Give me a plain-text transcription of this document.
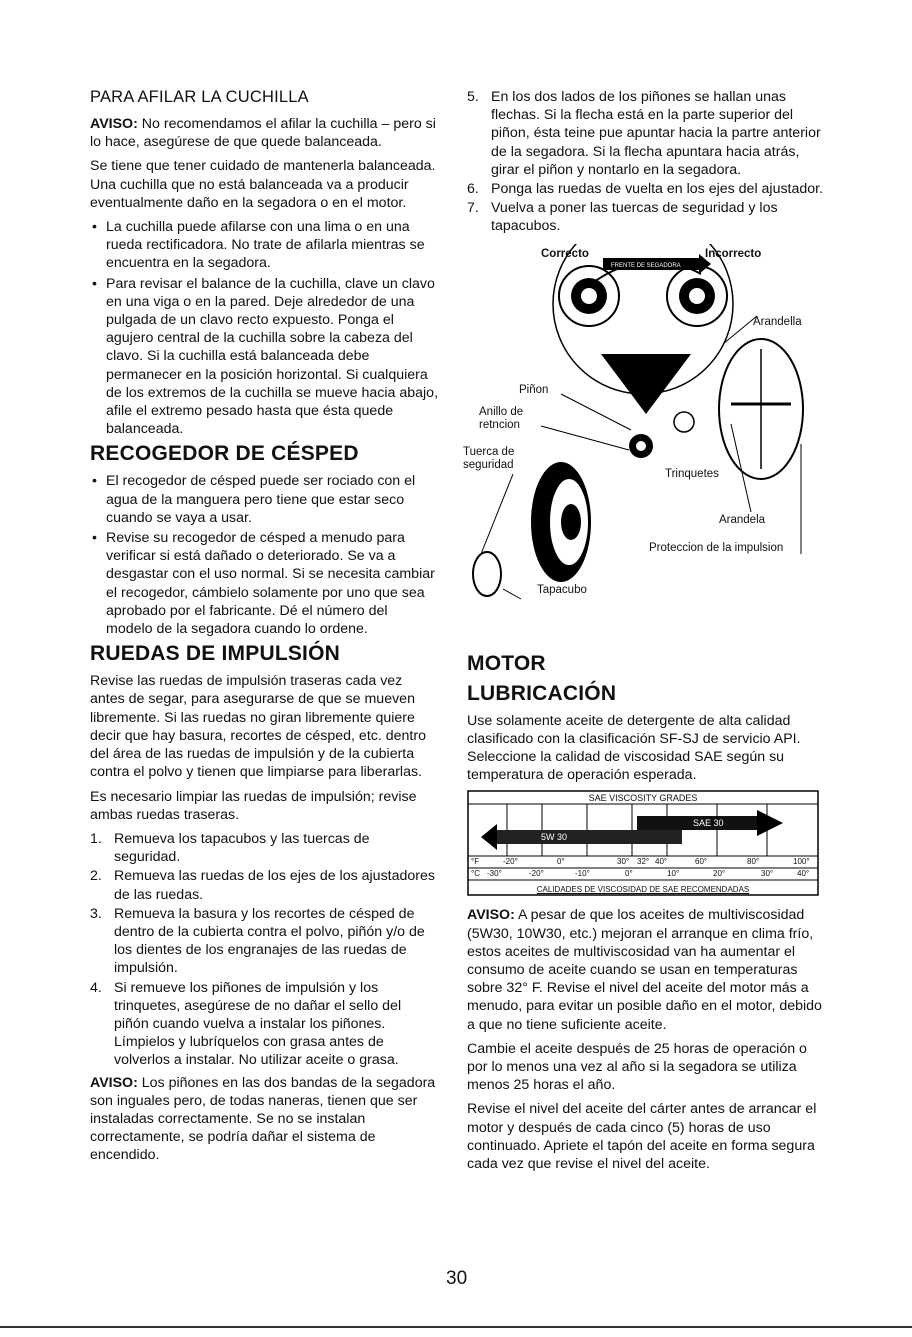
PARA AFILAR LA CUCHILLA

AVISO: No recomendamos el afilar la cuchilla – pero si lo hace, asegúrese de que quede balanceada.

Se tiene que tener cuidado de mantenerla balanceada. Una cuchilla que no está balanceada va a producir eventualmente daño en la segadora o en el motor.

• La cuchilla puede afilarse con una lima o en una rueda rectificadora. No trate de afilarla mientras se encuentra en la segadora.
• Para revisar el balance de la cuchilla, clave un clavo en una viga o en la pared. Deje alrededor de una pulgada de un clavo recto expuesto. Ponga el agujero central de la cuchilla sobre la cabeza del clavo. Si la cuchilla está balanceada debe permanecer en la posición horizontal. Si cualquiera de los extremos de la cuchilla se mueve hacia abajo, afile el extremo pesado hasta que ésta quede balanceada.
RECOGEDOR DE CÉSPED
• El recogedor de césped puede ser rociado con el agua de la manguera pero tiene que estar seco cuando se vaya a usar.
• Revise su recogedor de césped a menudo para verificar si está dañado o deteriorado. Se va a desgastar con el uso normal. Si se necesita cambiar el recogedor, cámbielo solamente por uno que sea aprobado por el fabricante. Dé el número del modelo de la segadora cuando lo ordene.
RUEDAS DE IMPULSIÓN

Revise las ruedas de impulsión traseras cada vez antes de segar, para asegurarse de que se mueven libremente. Si las ruedas no giran libremente quiere decir que hay basura, recortes de césped, etc. dentro del área de las ruedas de impulsión y de la cubierta contra el polvo y tienen que limpiarse para liberarlas.

Es necesario limpiar las ruedas de impulsión; revise ambas ruedas traseras.

1. Remueva los tapacubos y las tuercas de seguridad.
2. Remueva las ruedas de los ejes de los ajustadores de las ruedas.
3. Remueva la basura y los recortes de césped de dentro de la cubierta contra el polvo, piñón y/o de los dientes de los engranajes de las ruedas de impulsión.
4. Si remueve los piñones de impulsión y los trinquetes, asegúrese de no dañar el sello del piñón cuando vuelva a instalar los piñones. Límpielos y lubríquelos con grasa antes de volverlos a instalar. No utilizar aceite o grasa.

AVISO: Los piñones en las dos bandas de la segadora son inguales pero, de todas naneras, tienen que ser instaladas correctamente. Se no se instalan correctamente, se podría dañar el sistema de encendido.

5. En los dos lados de los piñones se hallan unas flechas. Si la flecha está en la parte superior del piñon, ésta teine pue apuntar hacia la partre anterior de la segadora. Si la flecha apuntara hacia atrás, girar el piñon y nontarlo en la segadora.
6. Ponga las ruedas de vuelta en los ejes del ajustador.
7. Vuelva a poner las tuercas de seguridad y los tapacubos.
Correcto
FRENTE DE SEGADORA
Incorrecto
Arandella
Piñon
Anillo de retncion
Tuerca de seguridad
Trinquetes
Arandela
Proteccion de la impulsion
Tapacubo
MOTOR
LUBRICACIÓN

Use solamente aceite de detergente de alta calidad clasificado con la clasificación SF-SJ de servicio API. Seleccione la calidad de viscosidad SAE según su temperatura de operación esperada.

SAE VISCOSITY GRADES
5W 30
SAE 30
°F	-20°	0°	30° 32° 40°	60°	80°	100°
°C -30°	-20°	-10°	0°	10°	20°	30°	40°
CALIDADES DE VISCOSIDAD DE SAE RECOMENDADAS

AVISO: A pesar de que los aceites de multiviscosidad (5W30, 10W30, etc.) mejoran el arranque en clima frío, estos aceites de multiviscosidad van ha aumentar el consumo de aceite cuando se usan en temperaturas sobre 32° F. Revise el nivel del aceite del motor más a menudo, para evitar un posible daño en el motor, debido a que no tiene suficiente aceite.

Cambie el aceite después de 25 horas de operación o por lo menos una vez al año si la segadora se utiliza menos 25 horas el año.

Revise el nivel del aceite del cárter antes de arrancar el motor y después de cada cinco (5) horas de uso continuado. Apriete el tapón del aceite en forma segura cada vez que revise el nivel del aceite.

30
